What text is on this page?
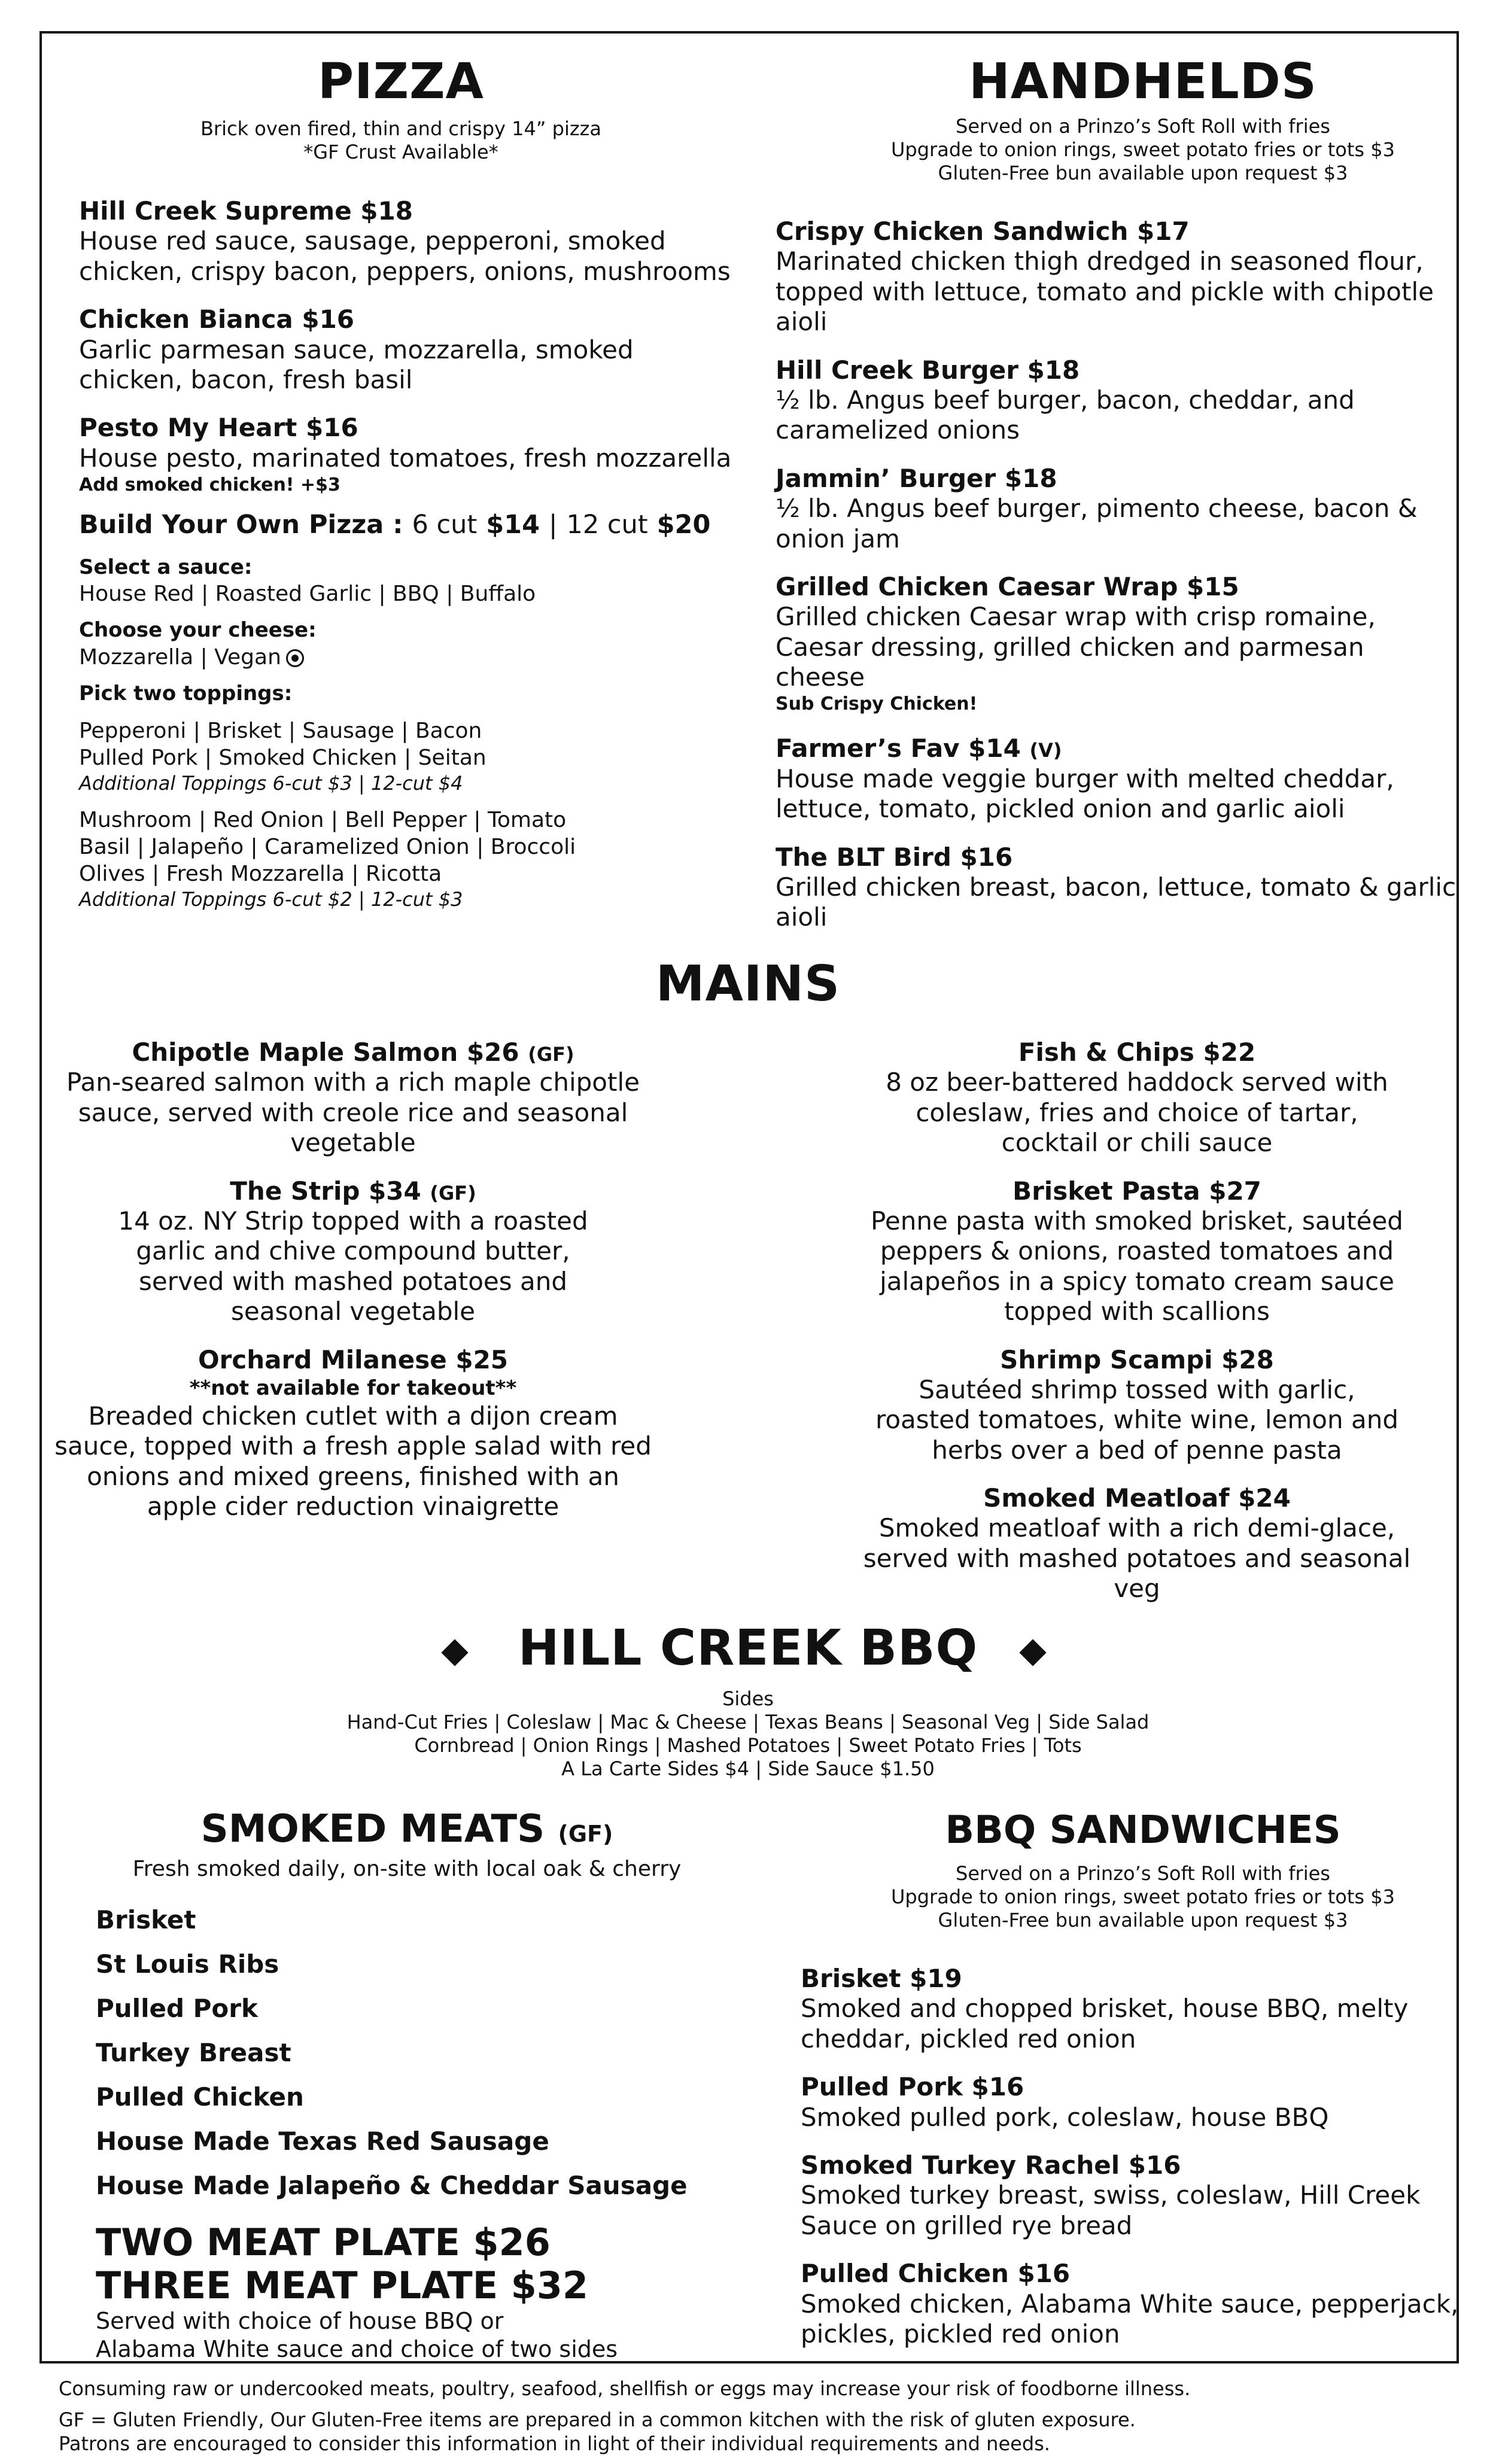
PIZZA
Brick oven fired, thin and crispy 14” pizza
*GF Crust Available*
Hill Creek Supreme $18
House red sauce, sausage, pepperoni, smoked chicken, crispy bacon, peppers, onions, mushrooms
Chicken Bianca $16
Garlic parmesan sauce, mozzarella, smoked chicken, bacon, fresh basil
Pesto My Heart $16
House pesto, marinated tomatoes, fresh mozzarella
Add smoked chicken! +$3
Build Your Own Pizza : 6 cut $14 | 12 cut $20
Select a sauce:
House Red | Roasted Garlic | BBQ | Buffalo
Choose your cheese:
Mozzarella | Vegan
Pick two toppings:
Pepperoni | Brisket | Sausage | Bacon
Pulled Pork | Smoked Chicken | Seitan
Additional Toppings 6-cut $3 | 12-cut $4
Mushroom | Red Onion | Bell Pepper | Tomato
Basil | Jalapeño | Caramelized Onion | Broccoli
Olives | Fresh Mozzarella | Ricotta
Additional Toppings 6-cut $2 | 12-cut $3
HANDHELDS
Served on a Prinzo’s Soft Roll with fries
Upgrade to onion rings, sweet potato fries or tots $3
Gluten-Free bun available upon request $3
Crispy Chicken Sandwich $17
Marinated chicken thigh dredged in seasoned flour, topped with lettuce, tomato and pickle with chipotle aioli
Hill Creek Burger $18
½ lb. Angus beef burger, bacon, cheddar, and caramelized onions
Jammin’ Burger $18
½ lb. Angus beef burger, pimento cheese, bacon & onion jam
Grilled Chicken Caesar Wrap $15
Grilled chicken Caesar wrap with crisp romaine, Caesar dressing, grilled chicken and parmesan cheese
Sub Crispy Chicken!
Farmer’s Fav $14 (V)
House made veggie burger with melted cheddar, lettuce, tomato, pickled onion and garlic aioli
The BLT Bird $16
Grilled chicken breast, bacon, lettuce, tomato & garlic aioli
MAINS
Chipotle Maple Salmon $26 (GF)
Pan-seared salmon with a rich maple chipotle sauce, served with creole rice and seasonal vegetable
The Strip $34 (GF)
14 oz. NY Strip topped with a roasted garlic and chive compound butter, served with mashed potatoes and seasonal vegetable
Orchard Milanese $25
**not available for takeout**
Breaded chicken cutlet with a dijon cream sauce, topped with a fresh apple salad with red onions and mixed greens, finished with an apple cider reduction vinaigrette
Fish & Chips $22
8 oz beer-battered haddock served with coleslaw, fries and choice of tartar, cocktail or chili sauce
Brisket Pasta $27
Penne pasta with smoked brisket, sautéed peppers & onions, roasted tomatoes and jalapeños in a spicy tomato cream sauce topped with scallions
Shrimp Scampi $28
Sautéed shrimp tossed with garlic, roasted tomatoes, white wine, lemon and herbs over a bed of penne pasta
Smoked Meatloaf $24
Smoked meatloaf with a rich demi-glace, served with mashed potatoes and seasonal veg
HILL CREEK BBQ
Sides
Hand-Cut Fries | Coleslaw | Mac & Cheese | Texas Beans | Seasonal Veg | Side Salad
Cornbread | Onion Rings | Mashed Potatoes | Sweet Potato Fries | Tots
A La Carte Sides $4 | Side Sauce $1.50
SMOKED MEATS (GF)
Fresh smoked daily, on-site with local oak & cherry
Brisket
St Louis Ribs
Pulled Pork
Turkey Breast
Pulled Chicken
House Made Texas Red Sausage
House Made Jalapeño & Cheddar Sausage
TWO MEAT PLATE $26
THREE MEAT PLATE $32
Served with choice of house BBQ or
Alabama White sauce and choice of two sides
BBQ SANDWICHES
Served on a Prinzo’s Soft Roll with fries
Upgrade to onion rings, sweet potato fries or tots $3
Gluten-Free bun available upon request $3
Brisket $19
Smoked and chopped brisket, house BBQ, melty cheddar, pickled red onion
Pulled Pork $16
Smoked pulled pork, coleslaw, house BBQ
Smoked Turkey Rachel $16
Smoked turkey breast, swiss, coleslaw, Hill Creek Sauce on grilled rye bread
Pulled Chicken $16
Smoked chicken, Alabama White sauce, pepperjack, pickles, pickled red onion
Consuming raw or undercooked meats, poultry, seafood, shellfish or eggs may increase your risk of foodborne illness.
GF = Gluten Friendly, Our Gluten-Free items are prepared in a common kitchen with the risk of gluten exposure.
Patrons are encouraged to consider this information in light of their individual requirements and needs.
